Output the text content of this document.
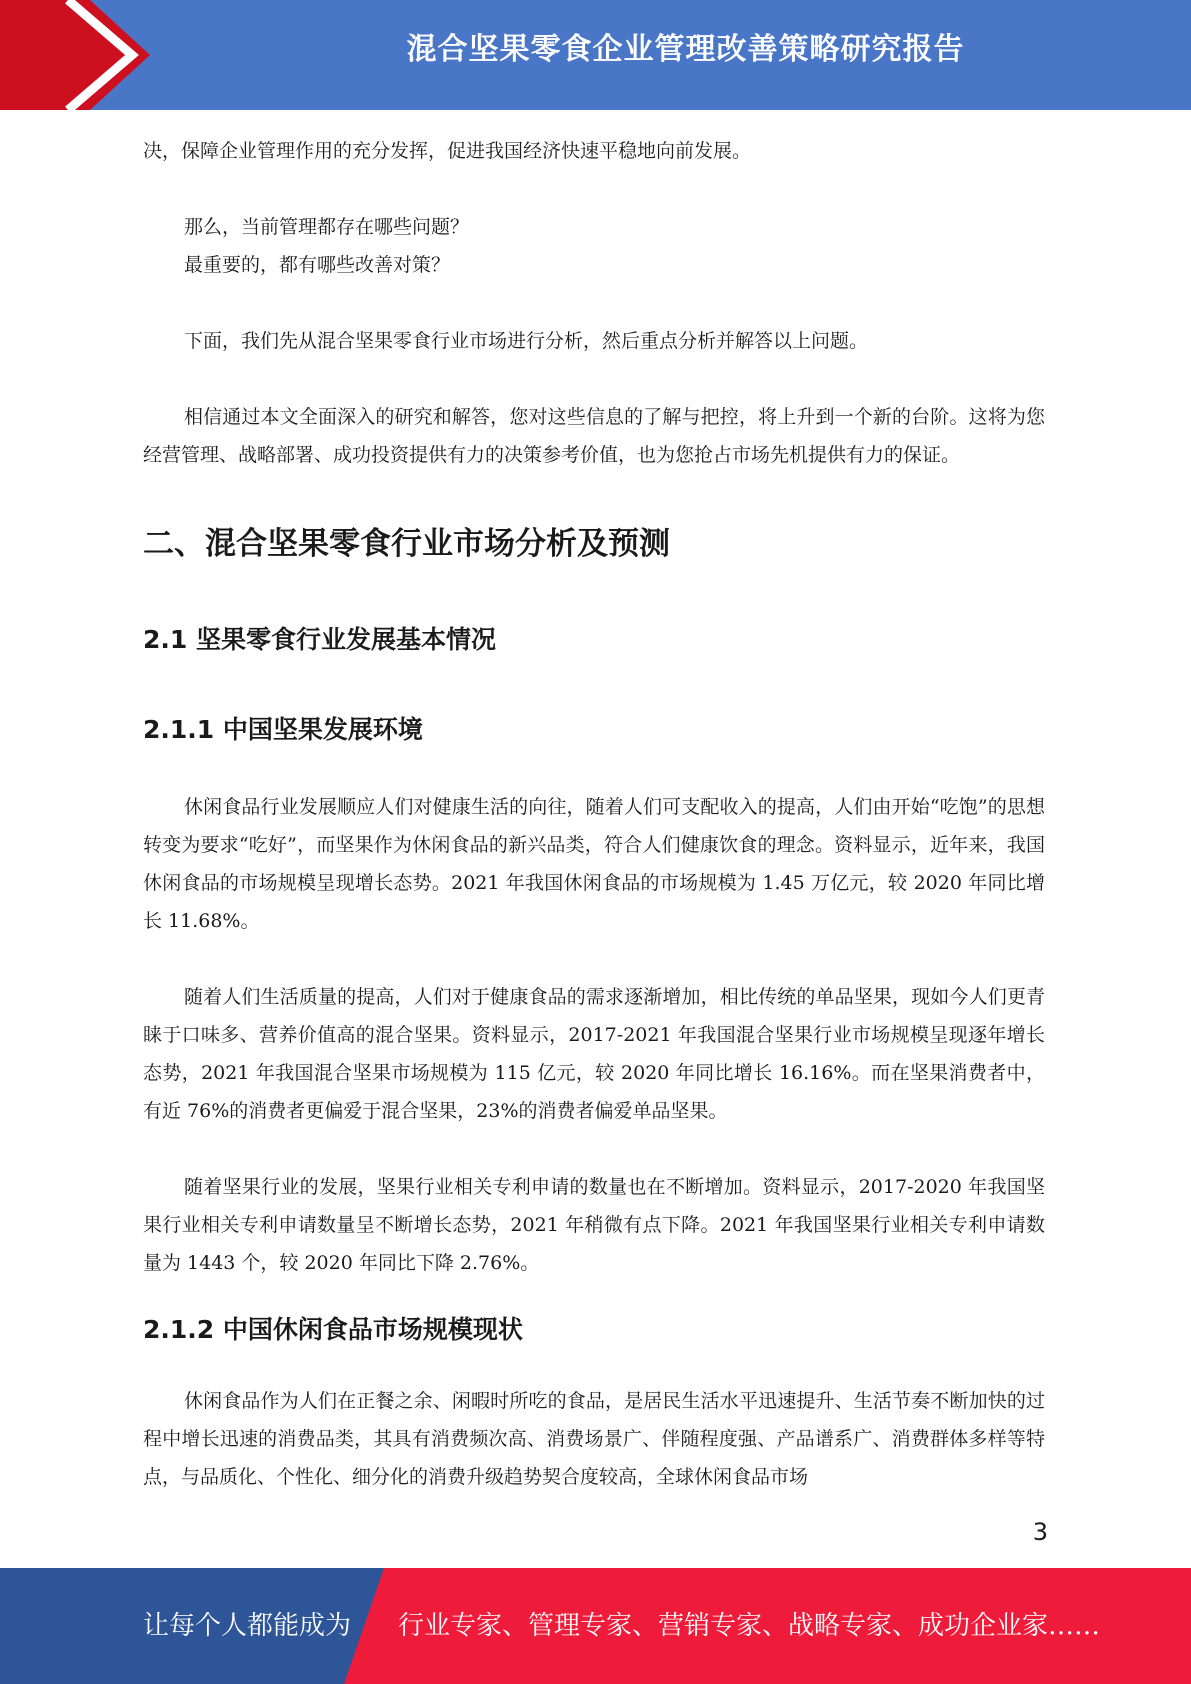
混合坚果零食企业管理改善策略研究报告

决，保障企业管理作用的充分发挥，促进我国经济快速平稳地向前发展。

那么，当前管理都存在哪些问题？

最重要的，都有哪些改善对策？

下面，我们先从混合坚果零食行业市场进行分析，然后重点分析并解答以上问题。

相信通过本文全面深入的研究和解答，您对这些信息的了解与把控，将上升到一个新的台阶。这将为您经营管理、战略部署、成功投资提供有力的决策参考价值，也为您抢占市场先机提供有力的保证。

二、混合坚果零食行业市场分析及预测
2.1 坚果零食行业发展基本情况
2.1.1 中国坚果发展环境

休闲食品行业发展顺应人们对健康生活的向往，随着人们可支配收入的提高，人们由开始“吃饱”的思想转变为要求“吃好”，而坚果作为休闲食品的新兴品类，符合人们健康饮食的理念。资料显示，近年来，我国休闲食品的市场规模呈现增长态势。2021 年我国休闲食品的市场规模为 1.45 万亿元，较 2020 年同比增长 11.68%。

随着人们生活质量的提高，人们对于健康食品的需求逐渐增加，相比传统的单品坚果，现如今人们更青睐于口味多、营养价值高的混合坚果。资料显示，2017-2021 年我国混合坚果行业市场规模呈现逐年增长态势，2021 年我国混合坚果市场规模为 115 亿元，较 2020 年同比增长 16.16%。而在坚果消费者中，有近 76%的消费者更偏爱于混合坚果，23%的消费者偏爱单品坚果。

随着坚果行业的发展，坚果行业相关专利申请的数量也在不断增加。资料显示，2017-2020 年我国坚果行业相关专利申请数量呈不断增长态势，2021 年稍微有点下降。2021 年我国坚果行业相关专利申请数量为 1443 个，较 2020 年同比下降 2.76%。

2.1.2 中国休闲食品市场规模现状

休闲食品作为人们在正餐之余、闲暇时所吃的食品，是居民生活水平迅速提升、生活节奏不断加快的过程中增长迅速的消费品类，其具有消费频次高、消费场景广、伴随程度强、产品谱系广、消费群体多样等特点，与品质化、个性化、细分化的消费升级趋势契合度较高，全球休闲食品市场

3
让每个人都能成为 行业专家、管理专家、营销专家、战略专家、成功企业家……
